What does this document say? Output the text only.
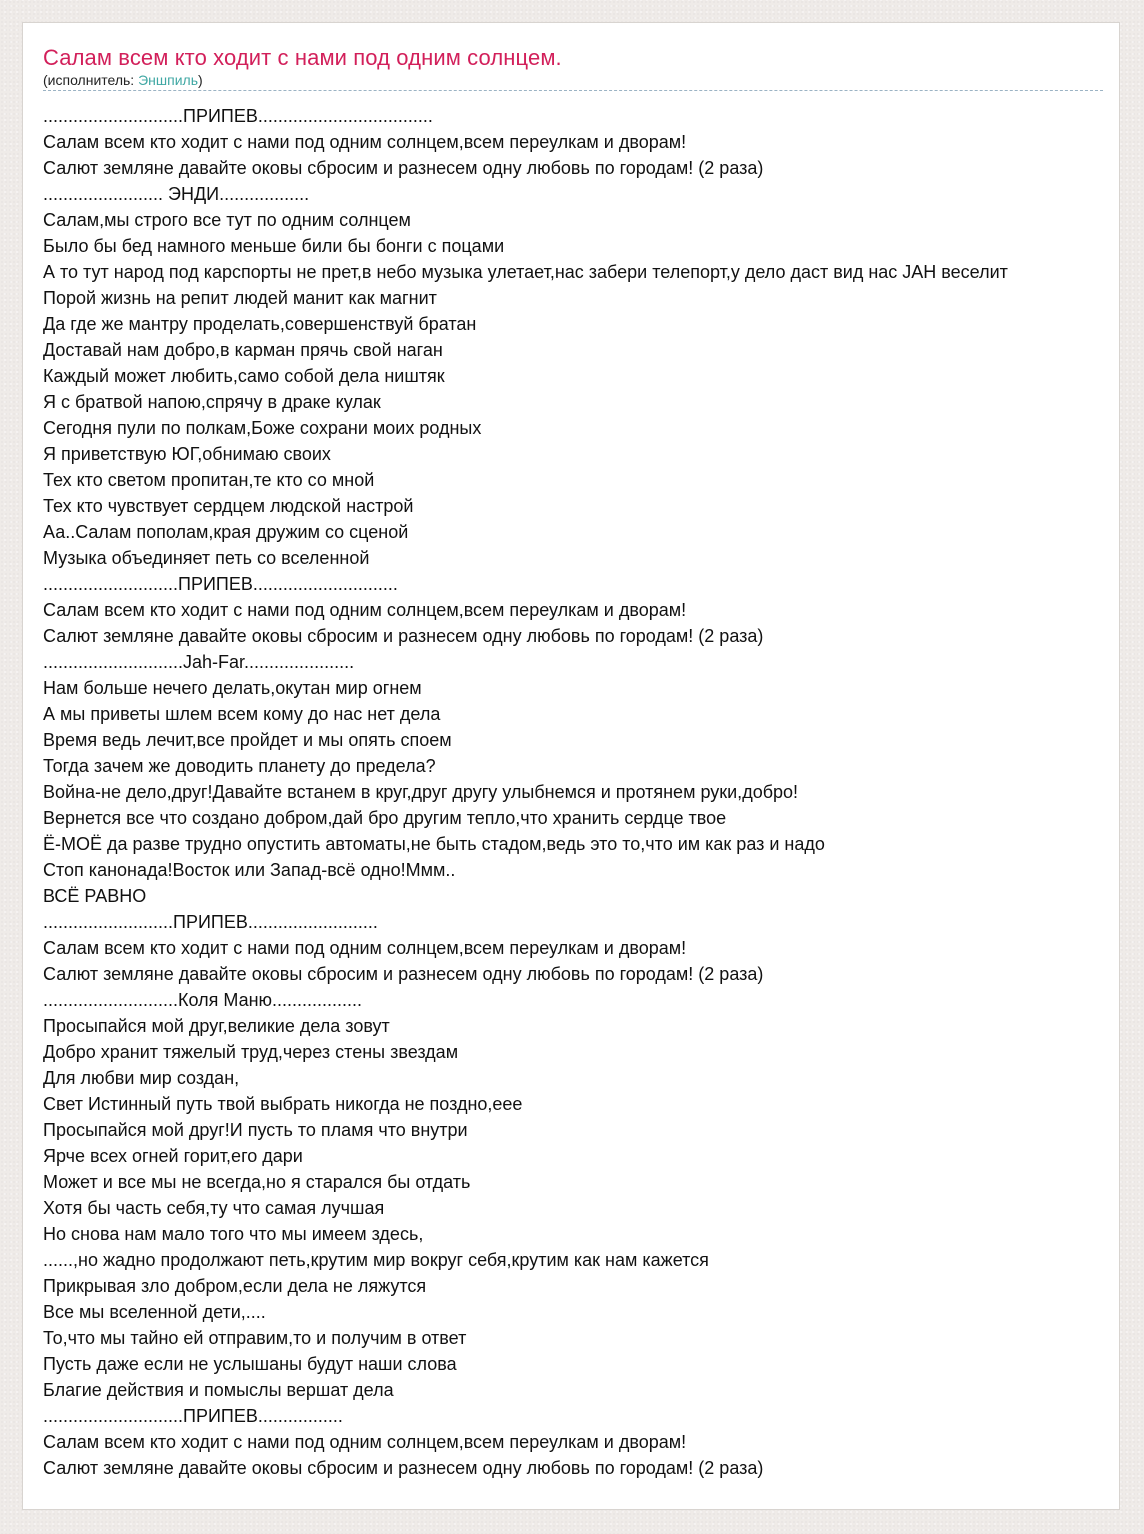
Салам всем кто ходит с нами под одним солнцем.
(исполнитель: Эншпиль)
............................ПРИПЕВ...................................
Салам всем кто ходит с нами под одним солнцем,всем переулкам и дворам!
Салют земляне давайте оковы сбросим и разнесем одну любовь по городам! (2 раза)
........................ ЭНДИ..................
Салам,мы строго все тут по одним солнцем
Было бы бед намного меньше били бы бонги с поцами
А то тут народ под карспорты не прет,в небо музыка улетает,нас забери телепорт,у дело даст вид нас JAH веселит
Порой жизнь на репит людей манит как магнит
Да где же мантру проделать,совершенствуй братан
Доставай нам добро,в карман прячь свой наган
Каждый может любить,само собой дела ништяк
Я с братвой напою,спрячу в драке кулак
Сегодня пули по полкам,Боже сохрани моих родных
Я приветствую ЮГ,обнимаю своих
Тех кто светом пропитан,те кто со мной
Тех кто чувствует сердцем людской настрой
Аа..Салам пополам,края дружим со сценой
Музыка объединяет петь со вселенной
...........................ПРИПЕВ.............................
Салам всем кто ходит с нами под одним солнцем,всем переулкам и дворам!
Салют земляне давайте оковы сбросим и разнесем одну любовь по городам! (2 раза)
............................Jah-Far......................
Нам больше нечего делать,окутан мир огнем
А мы приветы шлем всем кому до нас нет дела
Время ведь лечит,все пройдет и мы опять споем
Тогда зачем же доводить планету до предела?
Война-не дело,друг!Давайте встанем в круг,друг другу улыбнемся и протянем руки,добро!
Вернется все что создано добром,дай бро другим тепло,что хранить сердце твое
Ё-МОЁ да разве трудно опустить автоматы,не быть стадом,ведь это то,что им как раз и надо
Стоп канонада!Восток или Запад-всё одно!Ммм..
ВСЁ РАВНО
..........................ПРИПЕВ..........................
Салам всем кто ходит с нами под одним солнцем,всем переулкам и дворам!
Салют земляне давайте оковы сбросим и разнесем одну любовь по городам! (2 раза)
...........................Коля Маню..................
Просыпайся мой друг,великие дела зовут
Добро хранит тяжелый труд,через стены звездам
Для любви мир создан,
Свет Истинный путь твой выбрать никогда не поздно,еее
Просыпайся мой друг!И пусть то пламя что внутри
Ярче всех огней горит,его дари
Может и все мы не всегда,но я старался бы отдать
Хотя бы часть себя,ту что самая лучшая
Но снова нам мало того что мы имеем здесь,
......,но жадно продолжают петь,крутим мир вокруг себя,крутим как нам кажется
Прикрывая зло добром,если дела не ляжутся
Все мы вселенной дети,....
То,что мы тайно ей отправим,то и получим в ответ
Пусть даже если не услышаны будут наши слова
Благие действия и помыслы вершат дела
............................ПРИПЕВ.................
Салам всем кто ходит с нами под одним солнцем,всем переулкам и дворам!
Салют земляне давайте оковы сбросим и разнесем одну любовь по городам! (2 раза)
